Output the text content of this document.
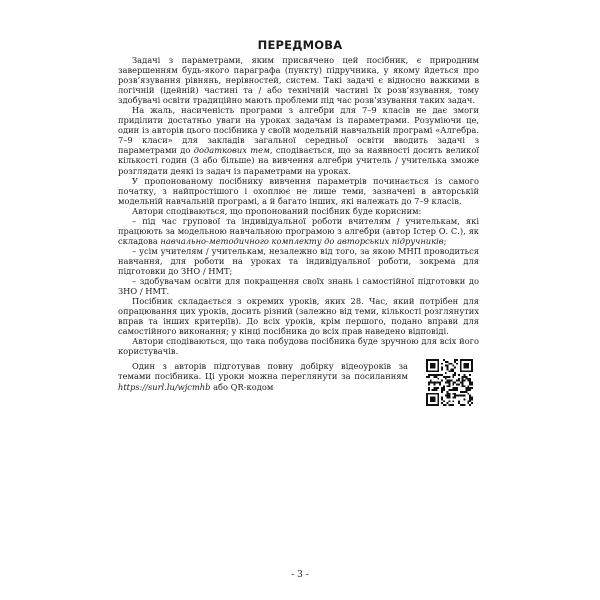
ПЕРЕДМОВА

Задачі з параметрами, яким присвячено цей посібник, є природним завершенням будь-якого параграфа (пункту) підручника, у якому йдеться про розв’язування рівнянь, нерівностей, систем. Такі задачі є відносно важкими в логічній (ідейній) частині та / або технічній частині їх розв’язування, тому здобувачі освіти традиційно мають проблеми під час розв’язування таких задач.

На жаль, насиченість програми з алгебри для 7–9 класів не дає змоги приділити достатньо уваги на уроках задачам із параметрами. Розуміючи це, один із авторів цього посібника у своїй модельній навчальній програмі «Алгебра. 7–9 класи» для закладів загальної середньої освіти вводить задачі з параметрами до додаткових тем, сподівається, що за наявності досить великої кількості годин (3 або більше) на вивчення алгебри учитель / учителька зможе розглядати деякі із задач із параметрами на уроках.

У пропонованому посібнику вивчення параметрів починається із самого початку, з найпростішого і охоплює не лише теми, зазначені в авторській модельній навчальній програмі, а й багато інших, які належать до 7–9 класів.

Автори сподіваються, що пропонований посібник буде корисним:

– під час групової та індивідуальної роботи вчителям / учителькам, які працюють за модельною навчальною програмою з алгебри (автор Істер О. С.), як складова навчально-методичного комплекту до авторських підручників;

– усім учителям / учителькам, незалежно від того, за якою МНП проводиться навчання, для роботи на уроках та індивідуальної роботи, зокрема для підготовки до ЗНО / НМТ;

– здобувачам освіти для покращення своїх знань і самостійної підготовки до ЗНО / НМТ.

Посібник складається з окремих уроків, яких 28. Час, який потрібен для опрацювання цих уроків, досить різний (залежно від теми, кількості розглянутих вправ та інших критеріїв). До всіх уроків, крім першого, подано вправи для самостійного виконання; у кінці посібника до всіх прав наведено відповіді.

Автори сподіваються, що така побудова посібника буде зручною для всіх його користувачів.

Один з авторів підготував повну добірку відеоуроків за темами посібника. Ці уроки можна переглянути за посиланням https://surl.lu/wjcmhb або QR-кодом

- 3 -
